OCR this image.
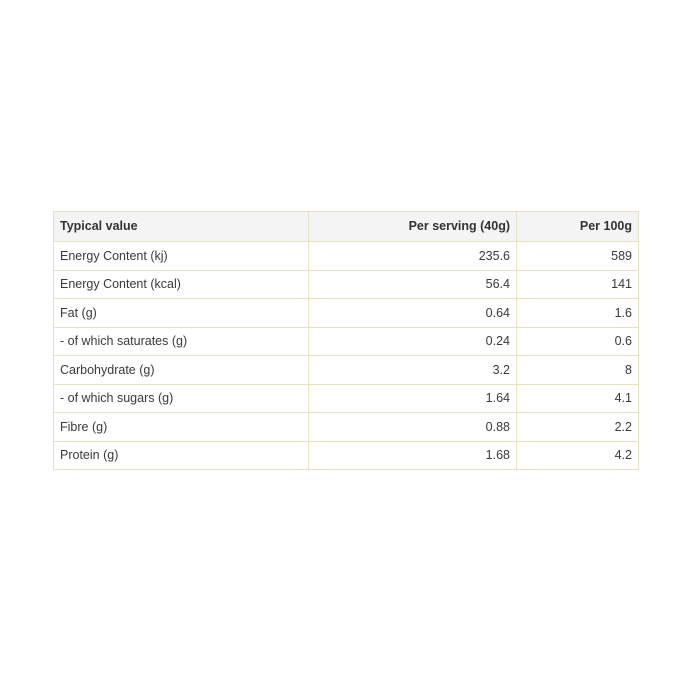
Typical value	Per serving (40g)	Per 100g
Energy Content (kj)	235.6	589
Energy Content (kcal)	56.4	141
Fat (g)	0.64	1.6
- of which saturates (g)	0.24	0.6
Carbohydrate (g)	3.2	8
- of which sugars (g)	1.64	4.1
Fibre (g)	0.88	2.2
Protein (g)	1.68	4.2
